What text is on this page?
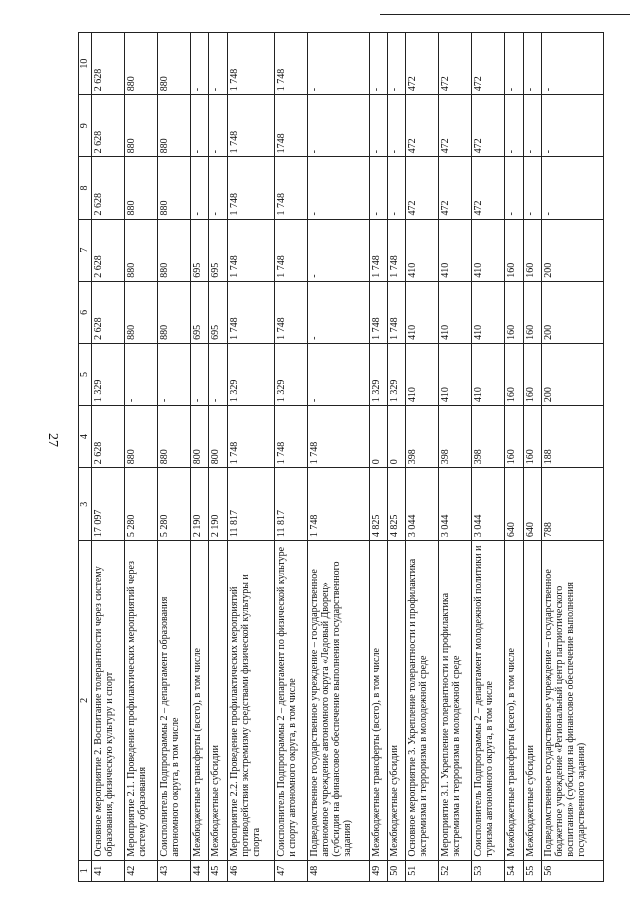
27
1	2	3	4	5	6	7	8	9	10
41	Основное мероприятие 2. Воспитание толерантности через систему образования, физическую культуру и спорт	17 097	2 628	1 329	2 628	2 628	2 628	2 628	2 628
42	Мероприятие 2.1. Проведение профилактических мероприятий через систему образования	5 280	880	-	880	880	880	880	880
43	Соисполнитель Подпрограммы 2 – департамент образования автономного округа, в том числе	5 280	880	-	880	880	880	880	880
44	Межбюджетные трансферты (всего), в том числе	2 190	800	-	695	695	-	-	-
45	Межбюджетные субсидии	2 190	800	-	695	695	-	-	-
46	Мероприятие 2.2. Проведение профилактических мероприятий противодействия экстремизму средствами физической культуры и спорта	11 817	1 748	1 329	1 748	1 748	1 748	1 748	1 748
47	Соисполнитель Подпрограммы 2 – департамент по физической культуре и спорту автономного округа, в том числе	11 817	1 748	1 329	1 748	1 748	1 748	1748	1 748
48	Подведомственное государственное учреждение – государственное автономное учреждение автономного округа «Ледовый Дворец» (субсидия на финансовое обеспечение выполнения государственного задания)	1 748	1 748	-	-	-	-	-	-
49	Межбюджетные трансферты (всего), в том числе	4 825	0	1 329	1 748	1 748	-	-	-
50	Межбюджетные субсидии	4 825	0	1 329	1 748	1 748	-	-	-
51	Основное мероприятие 3. Укрепление толерантности и профилактика экстремизма и терроризма в молодежной среде	3 044	398	410	410	410	472	472	472
52	Мероприятие 3.1. Укрепление толерантности и профилактика экстремизма и терроризма в молодежной среде	3 044	398	410	410	410	472	472	472
53	Соисполнитель Подпрограммы 2 – департамент молодежной политики и туризма автономного округа, в том числе	3 044	398	410	410	410	472	472	472
54	Межбюджетные трансферты (всего), в том числе	640	160	160	160	160	-	-	-
55	Межбюджетные субсидии	640	160	160	160	160	-	-	-
56	Подведомственное государственное учреждение – государственное бюджетное учреждение «Региональный центр патриотического воспитания» (субсидия на финансовое обеспечение выполнения государственного задания)	788	188	200	200	200	-	-	-
